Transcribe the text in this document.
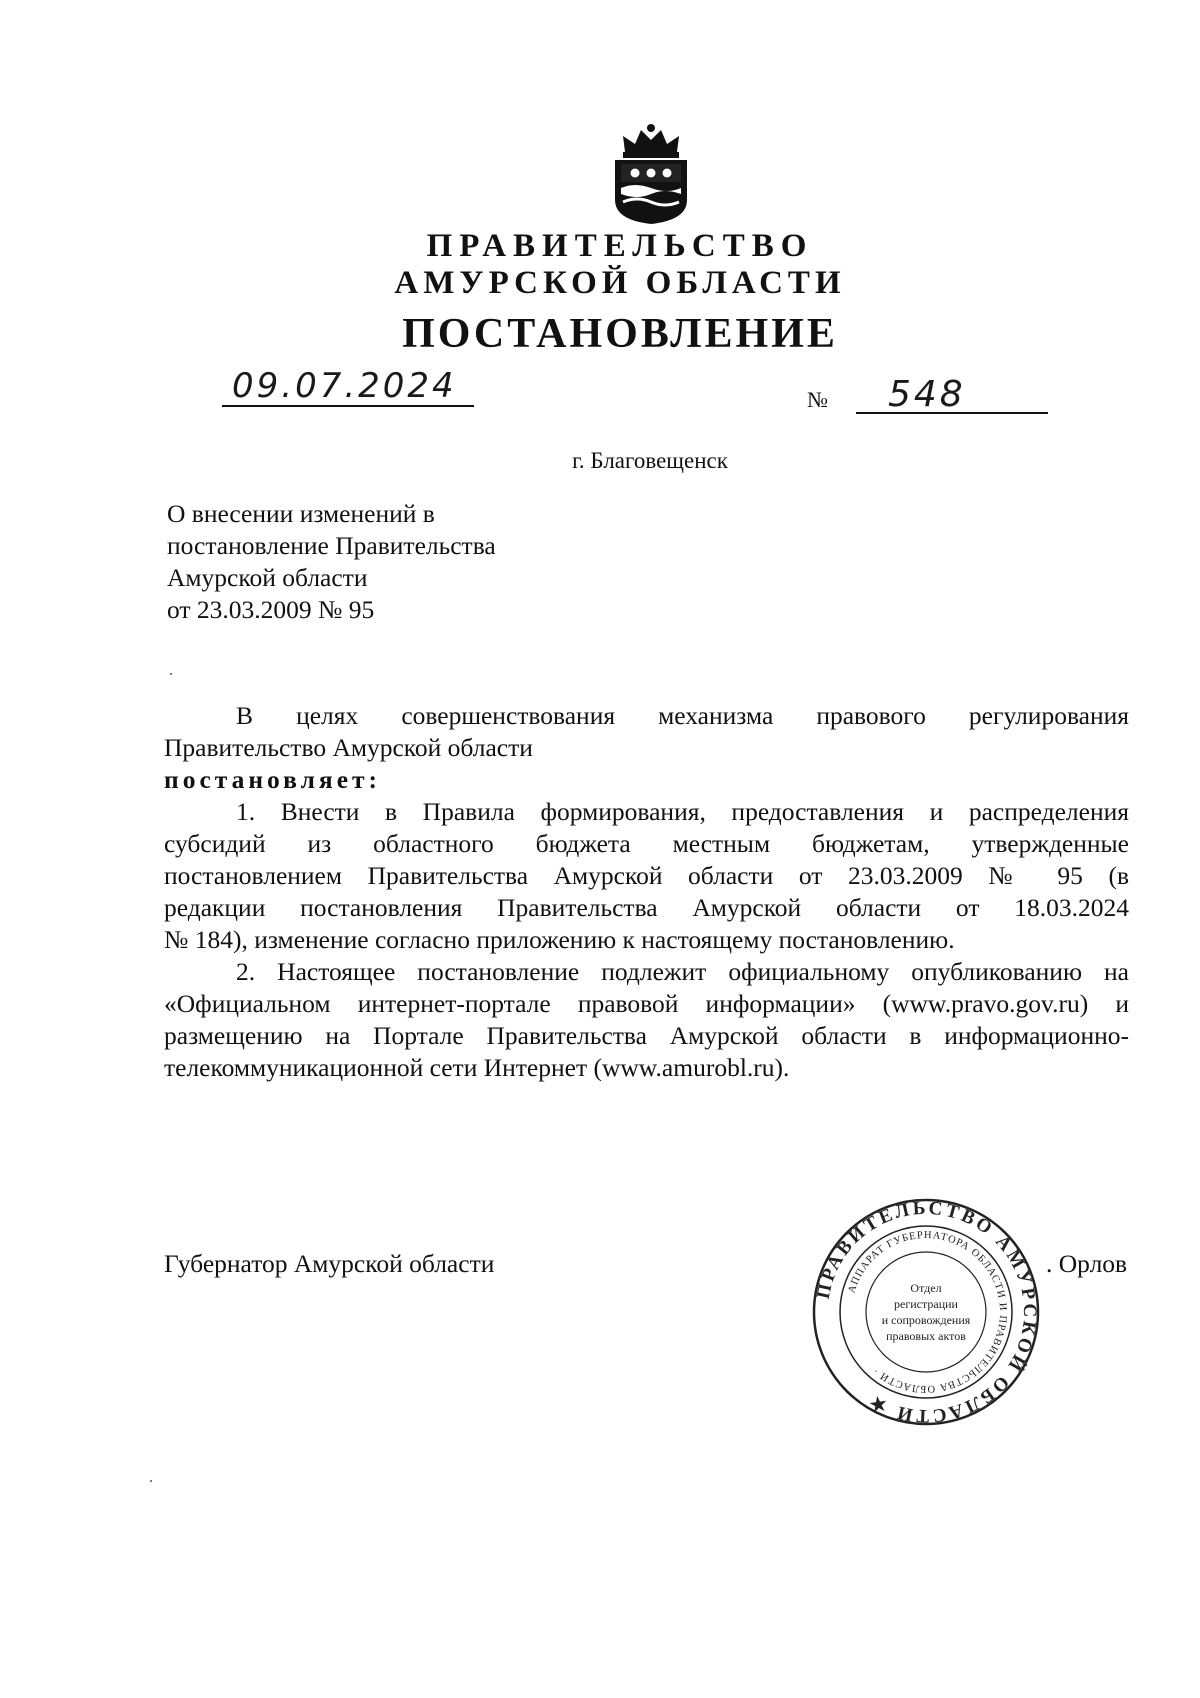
ПРАВИТЕЛЬСТВО
АМУРСКОЙ ОБЛАСТИ
ПОСТАНОВЛЕНИЕ
09.07.2024	№ 548
г. Благовещенск
О внесении изменений в
постановление Правительства
Амурской области
от 23.03.2009 № 95
В целях совершенствования механизма правового регулирования
Правительство Амурской области
постановляет:
1. Внести в Правила формирования, предоставления и распределения
субсидий из областного бюджета местным бюджетам, утвержденные
постановлением Правительства Амурской области от 23.03.2009 № 95 (в
редакции постановления Правительства Амурской области от 18.03.2024
№ 184), изменение согласно приложению к настоящему постановлению.
2. Настоящее постановление подлежит официальному опубликованию на
«Официальном интернет-портале правовой информации» (www.pravo.gov.ru) и
размещению на Портале Правительства Амурской области в информационно-
телекоммуникационной сети Интернет (www.amurobl.ru).
Губернатор Амурской области
ПРАВИТЕЛЬСТВО АМУРСКОЙ ОБЛАСТИ ★
АППАРАТ ГУБЕРНАТОРА ОБЛАСТИ И ПРАВИТЕЛЬСТВА ОБЛАСТИ ·
Отдел
регистрации
и сопровождения
правовых актов
. Орлов
